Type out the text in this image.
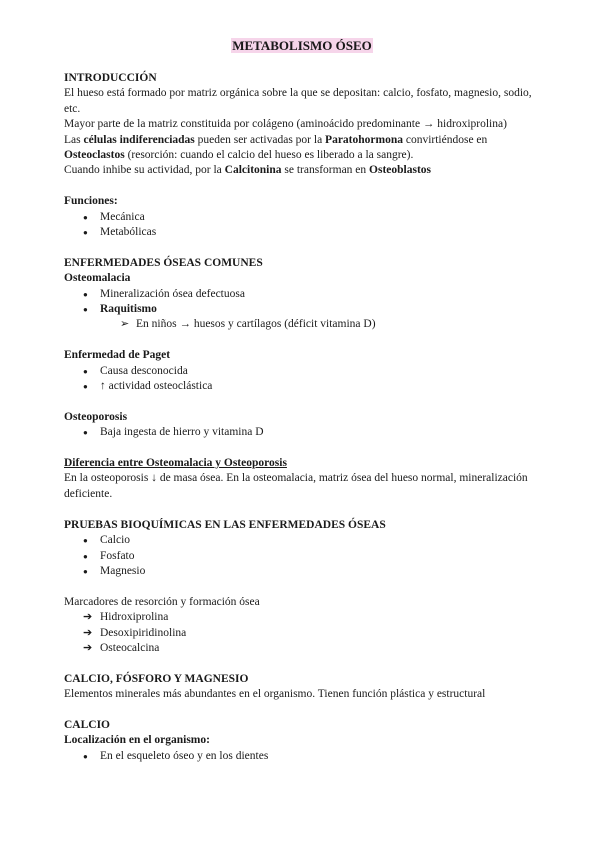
METABOLISMO ÓSEO

INTRODUCCIÓN

El hueso está formado por matriz orgánica sobre la que se depositan: calcio, fosfato, magnesio, sodio, etc.

Mayor parte de la matriz constituida por colágeno (aminoácido predominante → hidroxiprolina)

Las células indiferenciadas pueden ser activadas por la Paratohormona convirtiéndose en

Osteoclastos (resorción: cuando el calcio del hueso es liberado a la sangre).

Cuando inhibe su actividad, por la Calcitonina se transforman en Osteoblastos

Funciones:

● Mecánica
● Metabólicas

ENFERMEDADES ÓSEAS COMUNES

Osteomalacia

● Mineralización ósea defectuosa
● Raquitismo
➢ En niños → huesos y cartílagos (déficit vitamina D)

Enfermedad de Paget

● Causa desconocida
● ↑ actividad osteoclástica

Osteoporosis

● Baja ingesta de hierro y vitamina D

Diferencia entre Osteomalacia y Osteoporosis

En la osteoporosis ↓ de masa ósea. En la osteomalacia, matriz ósea del hueso normal, mineralización deficiente.

PRUEBAS BIOQUÍMICAS EN LAS ENFERMEDADES ÓSEAS

● Calcio
● Fosfato
● Magnesio

Marcadores de resorción y formación ósea

➔ Hidroxiprolina
➔ Desoxipiridinolina
➔ Osteocalcina

CALCIO, FÓSFORO Y MAGNESIO

Elementos minerales más abundantes en el organismo. Tienen función plástica y estructural

CALCIO

Localización en el organismo:

● En el esqueleto óseo y en los dientes
